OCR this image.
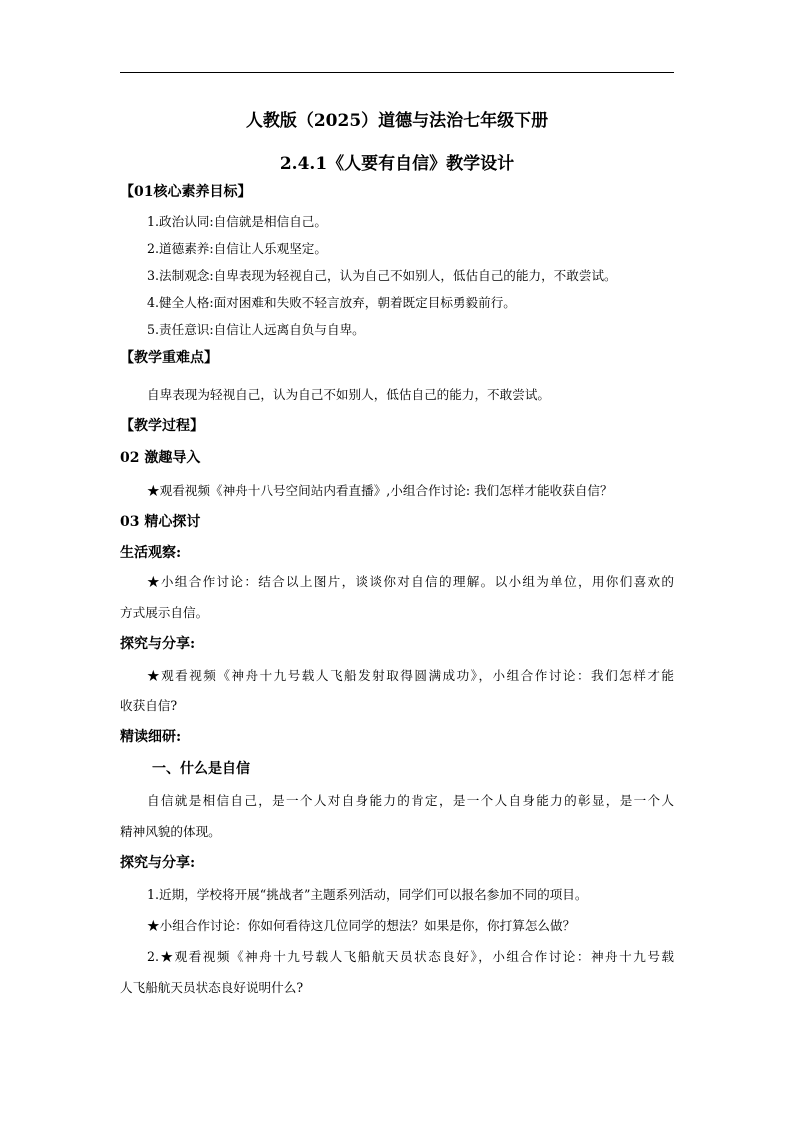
人教版（2025）道德与法治七年级下册
2.4.1《人要有自信》教学设计
【01核心素养目标】
1.政治认同:自信就是相信自己。
2.道德素养:自信让人乐观坚定。
3.法制观念:自卑表现为轻视自己，认为自己不如别人，低估自己的能力，不敢尝试。
4.健全人格:面对困难和失败不轻言放弃，朝着既定目标勇毅前行。
5.责任意识:自信让人远离自负与自卑。
【教学重难点】
自卑表现为轻视自己，认为自己不如别人，低估自己的能力，不敢尝试。
【教学过程】
02 激趣导入
★观看视频《神舟十八号空间站内看直播》,小组合作讨论: 我们怎样才能收获自信？
03 精心探讨
生活观察:
★小组合作讨论：结合以上图片，谈谈你对自信的理解。以小组为单位，用你们喜欢的
方式展示自信。
探究与分享:
★观看视频《神舟十九号载人飞船发射取得圆满成功》，小组合作讨论：我们怎样才能
收获自信?
精读细研:
一、什么是自信
自信就是相信自己，是一个人对自身能力的肯定，是一个人自身能力的彰显，是一个人
精神风貌的体现。
探究与分享:
1.近期，学校将开展“挑战者”主题系列活动，同学们可以报名参加不同的项目。
★小组合作讨论：你如何看待这几位同学的想法？如果是你，你打算怎么做？
2.★观看视频《神舟十九号载人飞船航天员状态良好》，小组合作讨论：神舟十九号载
人飞船航天员状态良好说明什么?
